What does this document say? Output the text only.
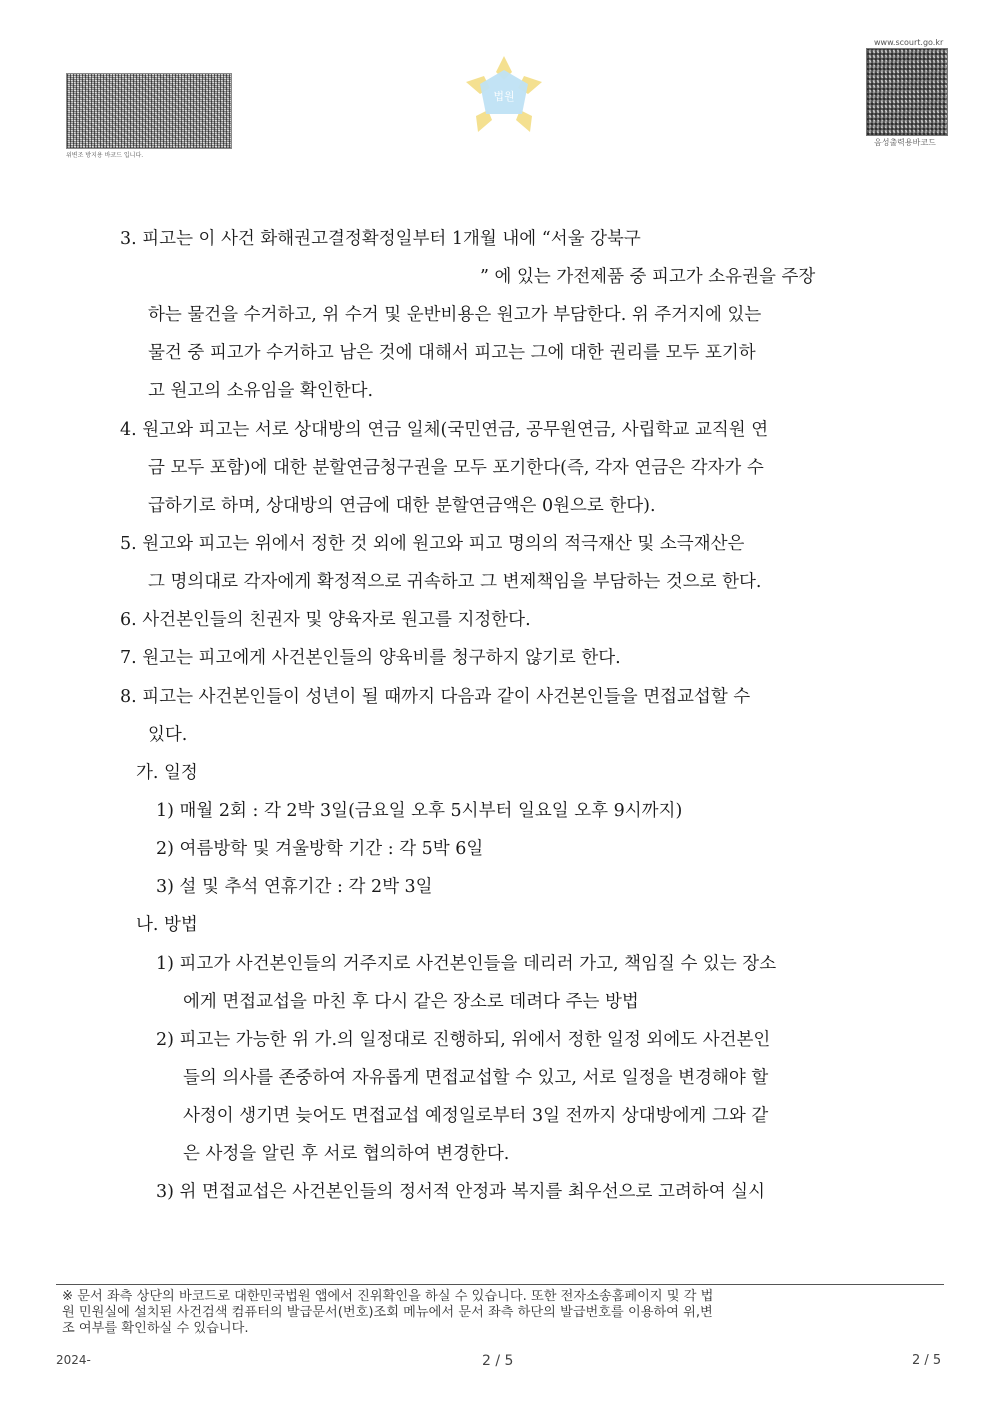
위변조 방지용 바코드 입니다.
법원
www.scourt.go.kr
음성출력용바코드
3. 피고는 이 사건 화해권고결정확정일부터 1개월 내에 “서울 강북구
” 에 있는 가전제품 중 피고가 소유권을 주장
하는 물건을 수거하고, 위 수거 및 운반비용은 원고가 부담한다. 위 주거지에 있는
물건 중 피고가 수거하고 남은 것에 대해서 피고는 그에 대한 권리를 모두 포기하
고 원고의 소유임을 확인한다.
4. 원고와 피고는 서로 상대방의 연금 일체(국민연금, 공무원연금, 사립학교 교직원 연
금 모두 포함)에 대한 분할연금청구권을 모두 포기한다(즉, 각자 연금은 각자가 수
급하기로 하며, 상대방의 연금에 대한 분할연금액은 0원으로 한다).
5. 원고와 피고는 위에서 정한 것 외에 원고와 피고 명의의 적극재산 및 소극재산은
그 명의대로 각자에게 확정적으로 귀속하고 그 변제책임을 부담하는 것으로 한다.
6. 사건본인들의 친권자 및 양육자로 원고를 지정한다.
7. 원고는 피고에게 사건본인들의 양육비를 청구하지 않기로 한다.
8. 피고는 사건본인들이 성년이 될 때까지 다음과 같이 사건본인들을 면접교섭할 수
있다.
가. 일정
1) 매월 2회 : 각 2박 3일(금요일 오후 5시부터 일요일 오후 9시까지)
2) 여름방학 및 겨울방학 기간 : 각 5박 6일
3) 설 및 추석 연휴기간 : 각 2박 3일
나. 방법
1) 피고가 사건본인들의 거주지로 사건본인들을 데리러 가고, 책임질 수 있는 장소
에게 면접교섭을 마친 후 다시 같은 장소로 데려다 주는 방법
2) 피고는 가능한 위 가.의 일정대로 진행하되, 위에서 정한 일정 외에도 사건본인
들의 의사를 존중하여 자유롭게 면접교섭할 수 있고, 서로 일정을 변경해야 할
사정이 생기면 늦어도 면접교섭 예정일로부터 3일 전까지 상대방에게 그와 같
은 사정을 알린 후 서로 협의하여 변경한다.
3) 위 면접교섭은 사건본인들의 정서적 안정과 복지를 최우선으로 고려하여 실시
※ 문서 좌측 상단의 바코드로 대한민국법원 앱에서 진위확인을 하실 수 있습니다. 또한 전자소송홈페이지 및 각 법
원 민원실에 설치된 사건검색 컴퓨터의 발급문서(번호)조회 메뉴에서 문서 좌측 하단의 발급번호를 이용하여 위,변
조 여부를 확인하실 수 있습니다.
2024-	2 / 5	2 / 5
